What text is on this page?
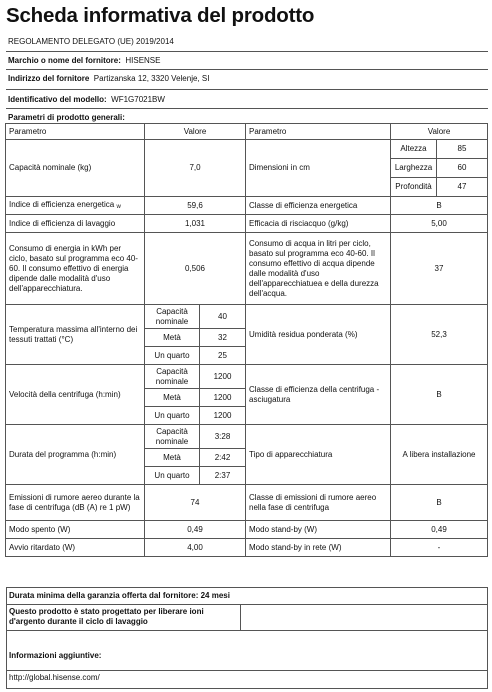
Scheda informativa del prodotto
REGOLAMENTO DELEGATO (UE) 2019/2014
Marchio o nome del fornitore: HISENSE
Indirizzo del fornitore Partizanska 12, 3320 Velenje, SI
Identificativo del modello: WF1G7021BW
Parametri di prodotto generali:
Parametro	Valore		Parametro	Valore	
Capacità nominale (kg)	7,0		Dimensioni in cm	Altezza	85
				Larghezza	60
				Profondità	47
Indice di efficienza energetica w	59,6		Classe di efficienza energetica	B	
Indice di efficienza di lavaggio	1,031		Efficacia di risciacquo (g/kg)	5,00	
Consumo di energia in kWh per ciclo, basato sul programma eco 40-60. Il consumo effettivo di energia dipende dalle modalità d'uso dell'apparecchiatura.	0,506		Consumo di acqua in litri per ciclo, basato sul programma eco 40-60. Il consumo effettivo di acqua dipende dalle modalità d'uso dell'apparecchiatuea e della durezza dell'acqua.	37	
Temperatura massima all'interno dei tessuti trattati (°C)	Capacità nominale	40	Umidità residua ponderata (%)	52,3	
	Metà	32			
	Un quarto	25			
Velocità della centrifuga (h:min)	Capacità nominale	1200	Classe di efficienza della centrifuga -asciugatura	B	
	Metà	1200			
	Un quarto	1200			
Durata del programma (h:min)	Capacità nominale	3:28	Tipo di apparecchiatura	A libera installazione	
	Metà	2:42			
	Un quarto	2:37			
Emissioni di rumore aereo durante la fase di centrifuga (dB (A) re 1 pW)	74		Classe di emissioni di rumore aereo nella fase di centrifuga	B	
Modo spento (W)	0,49		Modo stand-by (W)	0,49	
Avvio ritardato (W)	4,00		Modo stand-by in rete (W)	-	
Durata minima della garanzia offerta dal fornitore: 24 mesi
Questo prodotto è stato progettato per liberare ioni d'argento durante il ciclo di lavaggio
Informazioni aggiuntive:
http://global.hisense.com/
